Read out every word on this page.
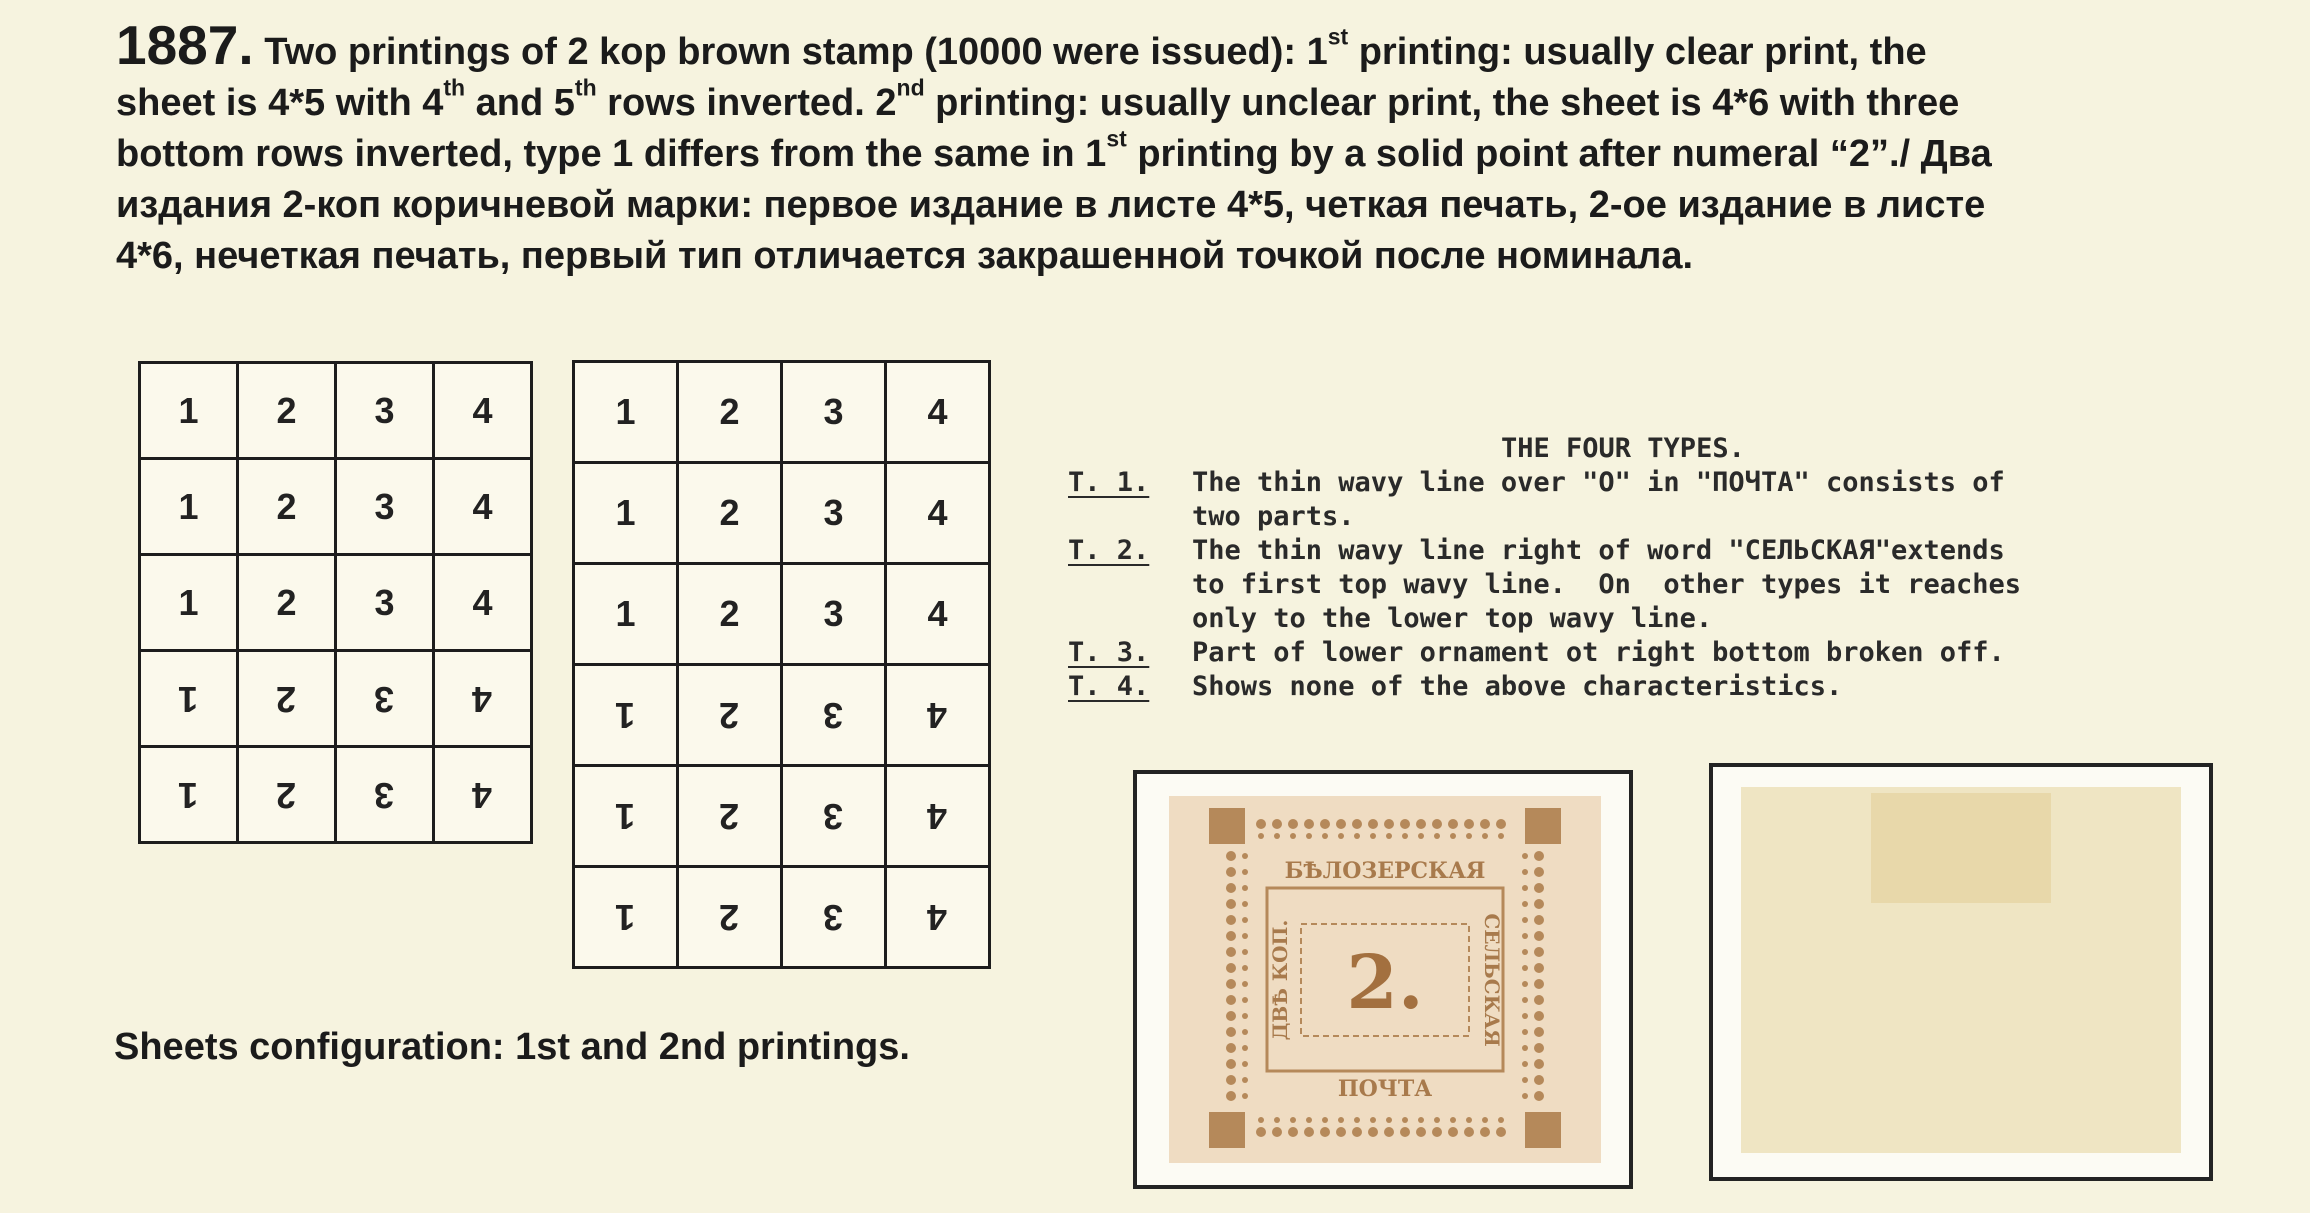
1887. Two printings of 2 kop brown stamp (10000 were issued): 1st printing: usually clear print, the
sheet is 4*5 with 4th and 5th rows inverted. 2nd printing: usually unclear print, the sheet is 4*6 with three
bottom rows inverted, type 1 differs from the same in 1st printing by a solid point after numeral “2”./ Два
издания 2-коп коричневой марки: первое издание в листе 4*5, четкая печать, 2-ое издание в листе
4*6, нечеткая печать, первый тип отличается закрашенной точкой после номинала.
1	2	3	4
1	2	3	4
1	2	3	4
1	2	3	4
1	2	3	4
1	2	3	4
1	2	3	4
1	2	3	4
1	2	3	4
1	2	3	4
1	2	3	4
Sheets configuration: 1st and 2nd printings.
THE FOUR TYPES.
T. 1.	The thin wavy line over "O" in "ПОЧТА" consists of
two parts.
T. 2.	The thin wavy line right of word "СЕЛЬСКАЯ"extends
to first top wavy line.  On  other types it reaches
only to the lower top wavy line.
T. 3.	Part of lower ornament ot right bottom broken off.
T. 4.	Shows none of the above characteristics.
БѢЛОЗЕРСКАЯ
ПОЧТА
ДВѢ КОП.	СЕЛЬСКАЯ
2.
